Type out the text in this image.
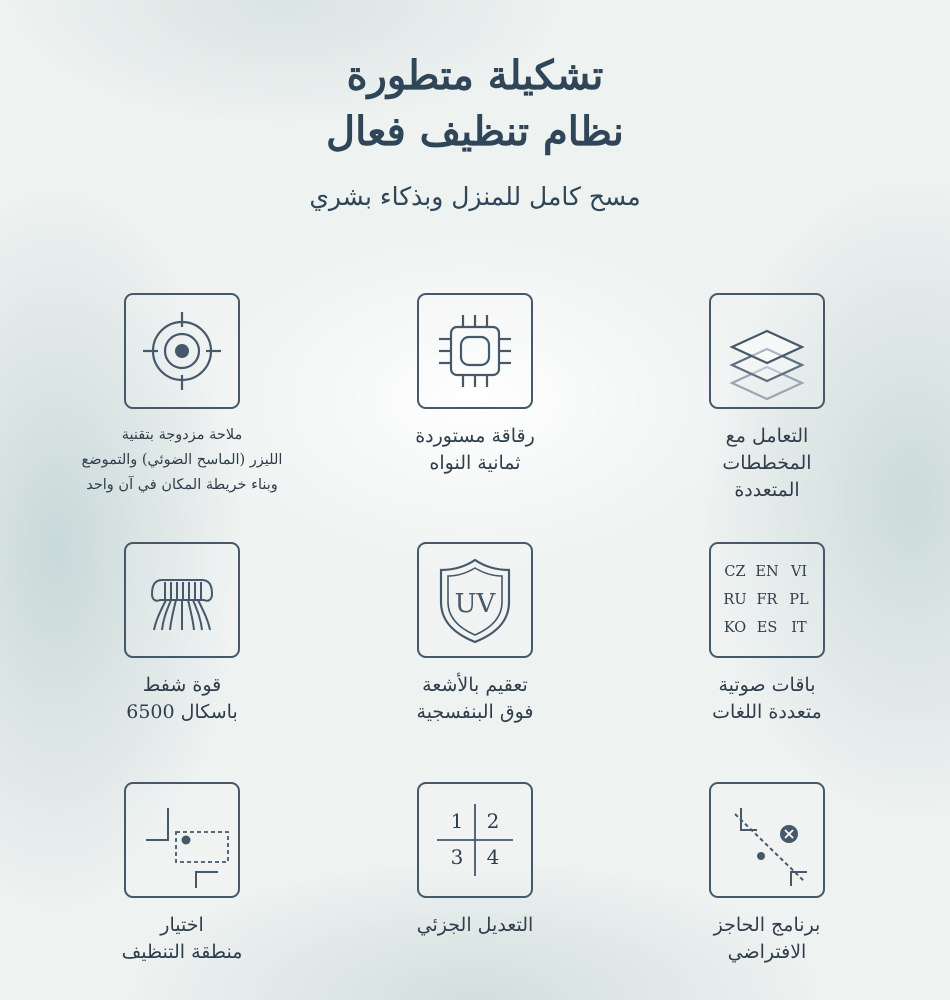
تشكيلة متطورة
نظام تنظيف فعال

مسح كامل للمنزل وبذكاء بشري

التعامل مع
المخططات
المتعددة
رقاقة مستوردة
ثمانية النواه
ملاحة مزدوجة بتقنية
الليزر (الماسح الضوئي) والتموضع
وبناء خريطة المكان في آن واحد
CZ EN VI
RU FR PL
KO ES IT
باقات صوتية
متعددة اللغات
UV
تعقيم بالأشعة
فوق البنفسجية
قوة شفط
باسكال 6500
برنامج الحاجز
الافتراضي
1 2
3 4
التعديل الجزئي
اختيار
منطقة التنظيف
